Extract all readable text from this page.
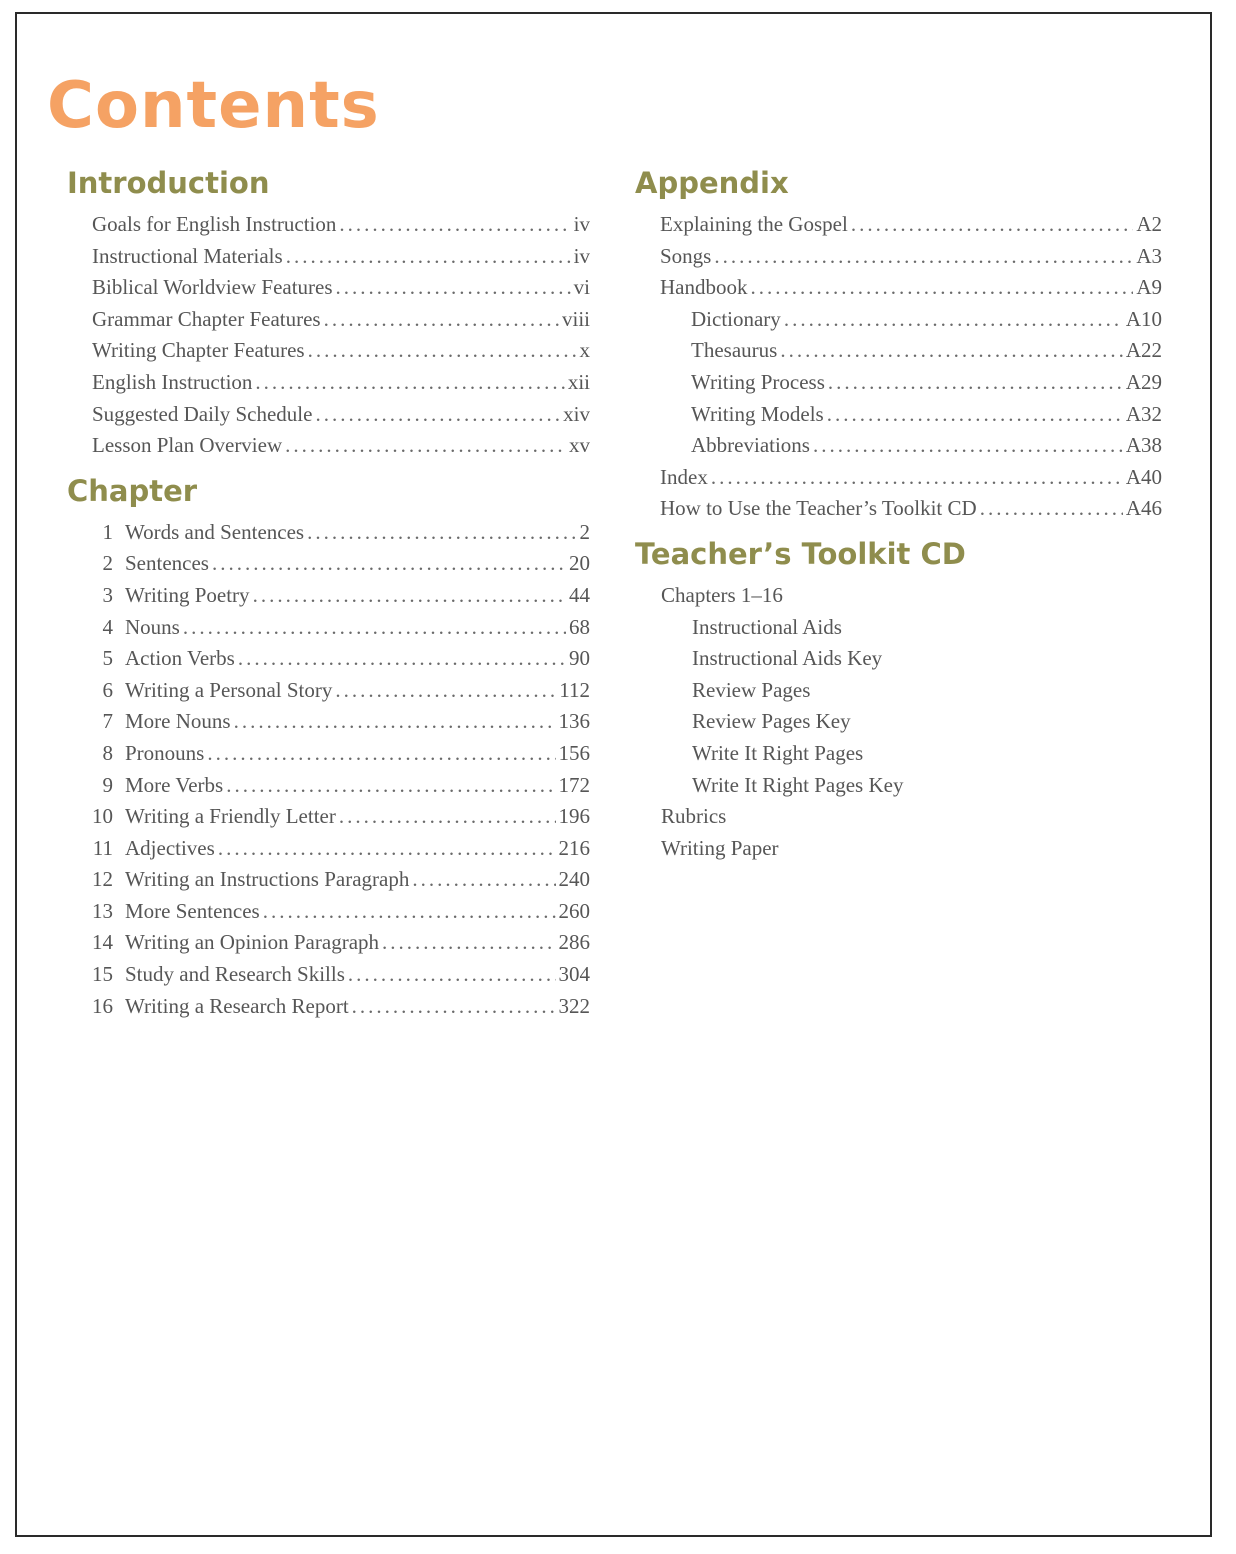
Contents
Introduction
Goals for English Instruction .....	iv
Instructional Materials .....	iv
Biblical Worldview Features .....	vi
Grammar Chapter Features .....	viii
Writing Chapter Features .....	x
English Instruction .....	xii
Suggested Daily Schedule .....	xiv
Lesson Plan Overview .....	xv
Chapter
1 Words and Sentences .....	2
2 Sentences .....	20
3 Writing Poetry .....	44
4 Nouns .....	68
5 Action Verbs .....	90
6 Writing a Personal Story .....	112
7 More Nouns .....	136
8 Pronouns .....	156
9 More Verbs .....	172
10 Writing a Friendly Letter .....	196
11 Adjectives .....	216
12 Writing an Instructions Paragraph .....	240
13 More Sentences .....	260
14 Writing an Opinion Paragraph .....	286
15 Study and Research Skills .....	304
16 Writing a Research Report .....	322
Appendix
Explaining the Gospel .....	A2
Songs .....	A3
Handbook .....	A9
Dictionary .....	A10
Thesaurus .....	A22
Writing Process .....	A29
Writing Models .....	A32
Abbreviations .....	A38
Index .....	A40
How to Use the Teacher’s Toolkit CD .....	A46
Teacher’s Toolkit CD
Chapters 1–16
Instructional Aids
Instructional Aids Key
Review Pages
Review Pages Key
Write It Right Pages
Write It Right Pages Key
Rubrics
Writing Paper
